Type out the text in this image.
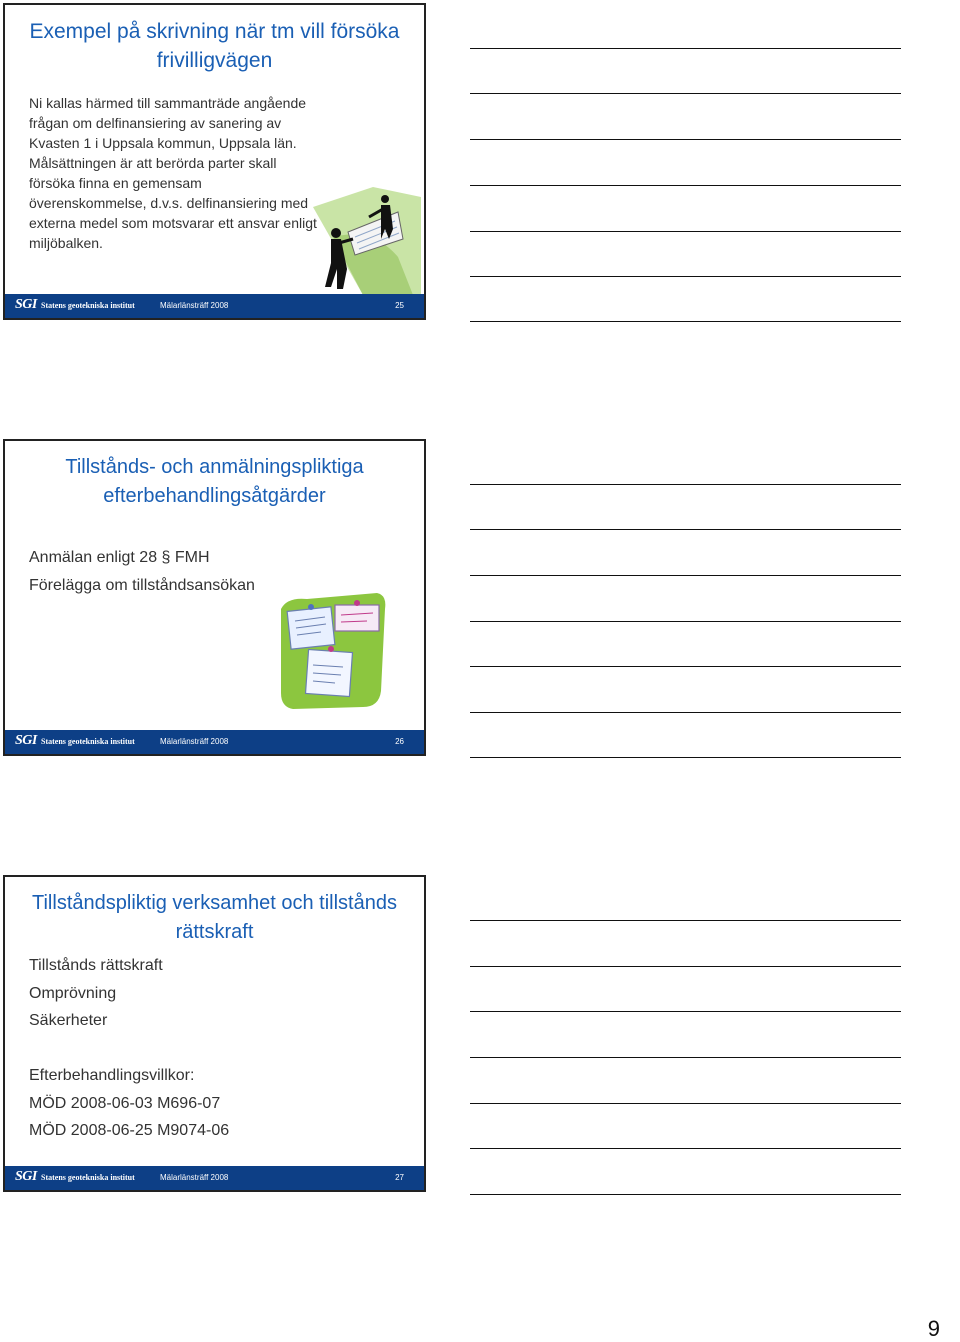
Exempel på skrivning när tm vill försöka
frivilligvägen
Ni kallas härmed till sammanträde angående
frågan om delfinansiering av sanering av
Kvasten 1 i Uppsala kommun, Uppsala län.
Målsättningen är att berörda parter skall
försöka finna en gemensam
överenskommelse, d.v.s. delfinansiering med
externa medel som motsvarar ett ansvar enligt
miljöbalken.
SGI Statens geotekniska institut	Mälarlänsträff 2008	25
Tillstånds- och anmälningspliktiga
efterbehandlingsåtgärder
Anmälan enligt 28 § FMH
Förelägga om tillståndsansökan
SGI Statens geotekniska institut	Mälarlänsträff 2008	26
Tillståndspliktig verksamhet och tillstånds
rättskraft
Tillstånds rättskraft
Omprövning
Säkerheter
Efterbehandlingsvillkor:
MÖD 2008-06-03 M696-07
MÖD 2008-06-25 M9074-06
SGI Statens geotekniska institut	Mälarlänsträff 2008	27
9
